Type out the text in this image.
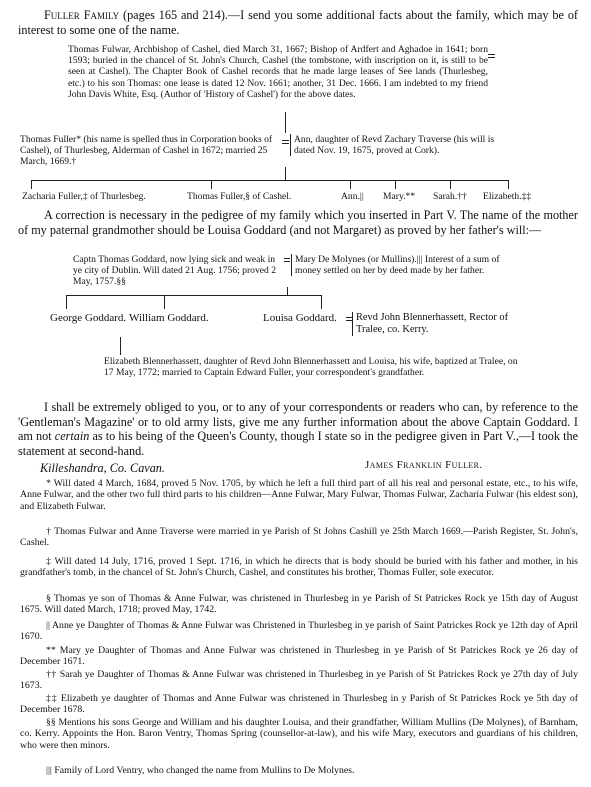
Fuller Family (pages 165 and 214).—I send you some additional facts about the family, which may be of interest to some one of the name.
Thomas Fulwar, Archbishop of Cashel, died March 31, 1667; Bishop of Ardfert and Aghadoe in 1641; born 1593; buried in the chancel of St. John's Church, Cashel (the tombstone, with inscription on it, is still to be seen at Cashel). The Chapter Book of Cashel records that he made large leases of See lands (Thurlesbeg, etc.) to his son Thomas: one lease is dated 12 Nov. 1661; another, 31 Dec. 1666. I am indebted to my friend John Davis White, Esq. (Author of 'History of Cashel') for the above dates.
Thomas Fuller* (his name is spelled thus in Corporation books of Cashel), of Thurlesbeg, Alderman of Cashel in 1672; married 25 March, 1669.†
Ann, daughter of Revd Zachary Traverse (his will is dated Nov. 19, 1675, proved at Cork).
Zacharia Fuller,‡ of Thurlesbeg.	Thomas Fuller,§ of Cashel.	Ann.|| Mary.** Sarah.†† Elizabeth.‡‡
A correction is necessary in the pedigree of my family which you inserted in Part V. The name of the mother of my paternal grandmother should be Louisa Goddard (and not Margaret) as proved by her father's will:—
Captn Thomas Goddard, now lying sick and weak in ye city of Dublin. Will dated 21 Aug. 1756; proved 2 May, 1757.§§
Mary De Molynes (or Mullins).||| Interest of a sum of money settled on her by deed made by her father.
George Goddard. William Goddard.	Louisa Goddard.	Revd John Blennerhassett, Rector of Tralee, co. Kerry.
Elizabeth Blennerhassett, daughter of Revd John Blennerhassett and Louisa, his wife, baptized at Tralee, on 17 May, 1772; married to Captain Edward Fuller, your correspondent's grandfather.
I shall be extremely obliged to you, or to any of your correspondents or readers who can, by reference to the 'Gentleman's Magazine' or to old army lists, give me any further information about the above Captain Goddard. I am not certain as to his being of the Queen's County, though I state so in the pedigree given in Part V.,—I took the statement at second-hand.
Killeshandra, Co. Cavan.	James Franklin Fuller.
* Will dated 4 March, 1684, proved 5 Nov. 1705, by which he left a full third part of all his real and personal estate, etc., to his wife, Anne Fulwar, and the other two full third parts to his children—Anne Fulwar, Mary Fulwar, Thomas Fulwar, Zacharia Fulwar (his eldest son), and Elizabeth Fulwar.
† Thomas Fulwar and Anne Traverse were married in ye Parish of St Johns Cashill ye 25th March 1669.—Parish Register, St. John's, Cashel.
‡ Will dated 14 July, 1716, proved 1 Sept. 1716, in which he directs that is body should be buried with his father and mother, in his grandfather's tomb, in the chancel of St. John's Church, Cashel, and constitutes his brother, Thomas Fuller, sole executor.
§ Thomas ye son of Thomas & Anne Fulwar, was christened in Thurlesbeg in ye Parish of St Patrickes Rock ye 15th day of August 1675. Will dated March, 1718; proved May, 1742.
|| Anne ye Daughter of Thomas & Anne Fulwar was Christened in Thurlesbeg in ye parish of Saint Patrickes Rock ye 12th day of April 1670.
** Mary ye Daughter of Thomas and Anne Fulwar was christened in Thurlesbeg in ye Parish of St Patrickes Rock ye 26 day of December 1671.
†† Sarah ye Daughter of Thomas & Anne Fulwar was christened in Thurlesbeg in ye Parish of St Patrickes Rock ye 27th day of July 1673.
‡‡ Elizabeth ye daughter of Thomas and Anne Fulwar was christened in Thurlesbeg in y Parish of St Patrickes Rock ye 5th day of December 1678.
§§ Mentions his sons George and William and his daughter Louisa, and their grandfather, William Mullins (De Molynes), of Barnham, co. Kerry. Appoints the Hon. Baron Ventry, Thomas Spring (counsellor-at-law), and his wife Mary, executors and guardians of his children, who were then minors.
||| Family of Lord Ventry, who changed the name from Mullins to De Molynes.
